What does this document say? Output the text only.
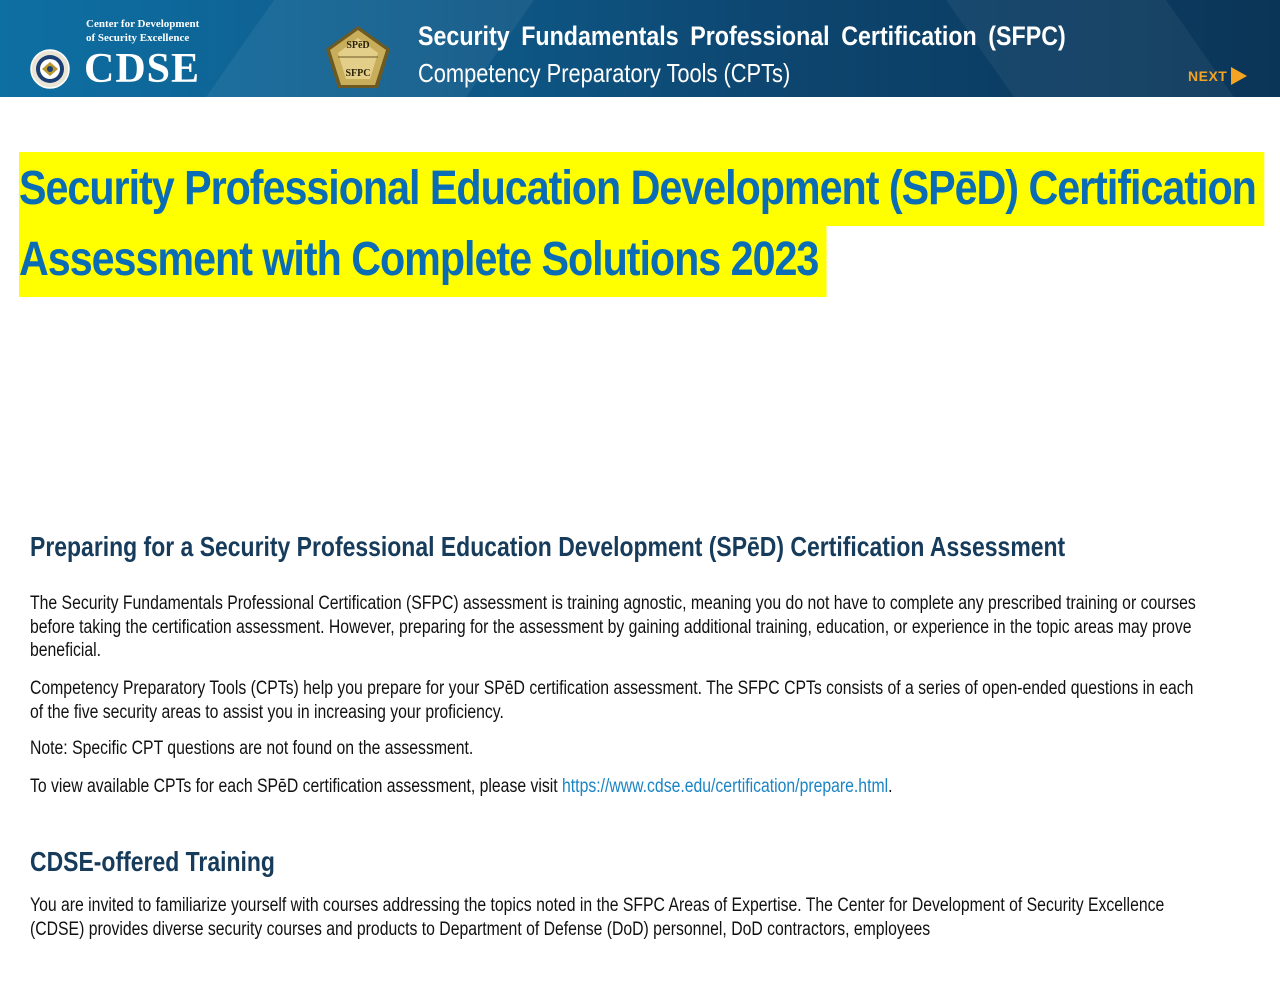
Center for Development
of Security Excellence
CDSE
SPēD
SFPC
Security Fundamentals Professional Certification (SFPC)
Competency Preparatory Tools (CPTs)	NEXT
Security Professional Education Development (SPēD) Certification
Assessment with Complete Solutions 2023
Preparing for a Security Professional Education Development (SPēD) Certification Assessment
The Security Fundamentals Professional Certification (SFPC) assessment is training agnostic, meaning you do not have to complete any prescribed training or courses before taking the certification assessment. However, preparing for the assessment by gaining additional training, education, or experience in the topic areas may prove beneficial.
Competency Preparatory Tools (CPTs) help you prepare for your SPēD certification assessment. The SFPC CPTs consists of a series of open-ended questions in each of the five security areas to assist you in increasing your proficiency.
Note: Specific CPT questions are not found on the assessment.
To view available CPTs for each SPēD certification assessment, please visit https://www.cdse.edu/certification/prepare.html.
CDSE-offered Training
You are invited to familiarize yourself with courses addressing the topics noted in the SFPC Areas of Expertise. The Center for Development of Security Excellence (CDSE) provides diverse security courses and products to Department of Defense (DoD) personnel, DoD contractors, employees
